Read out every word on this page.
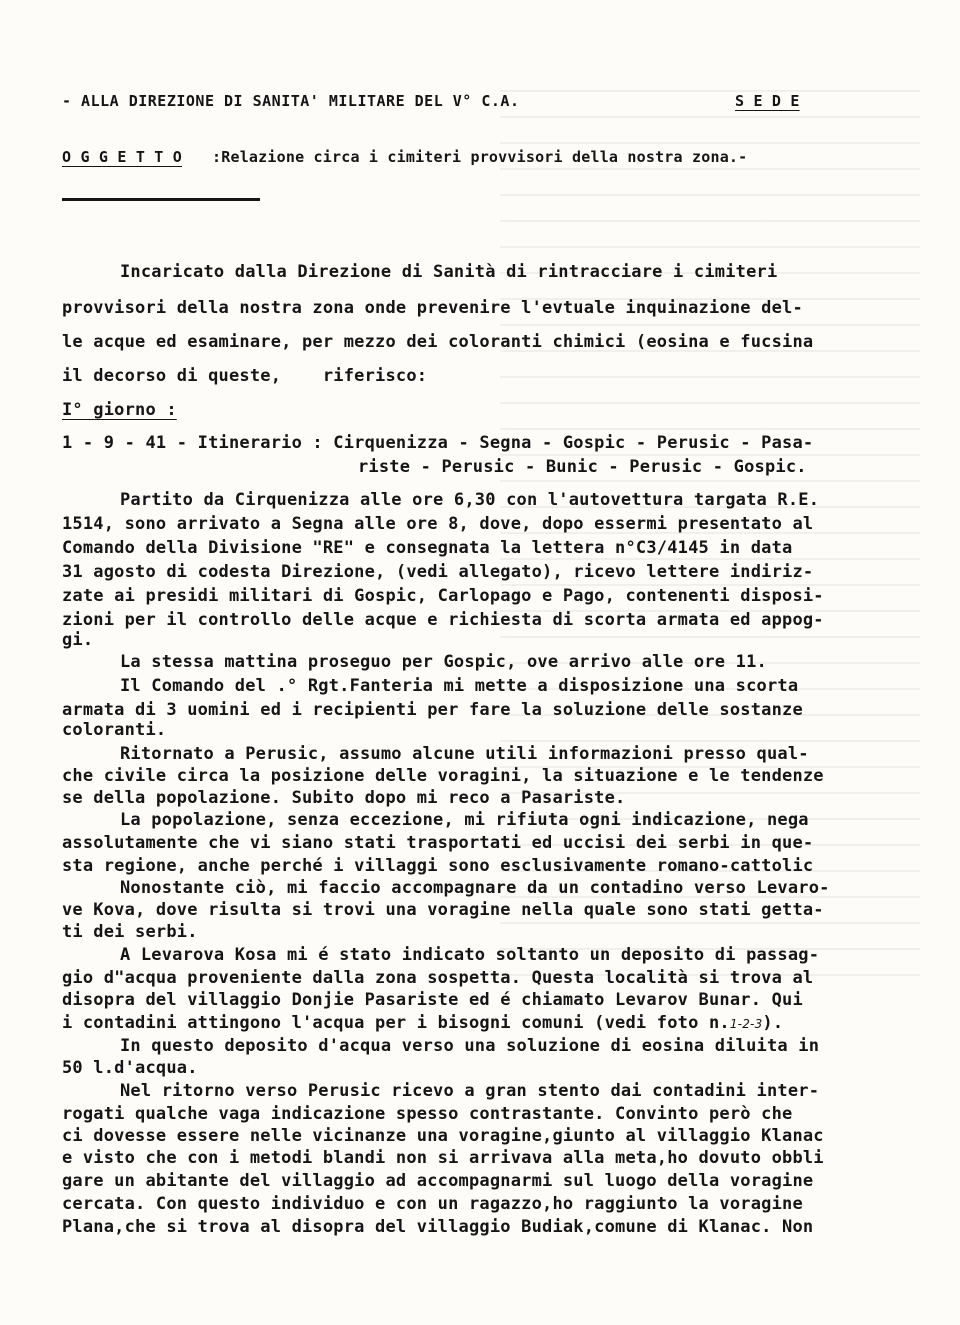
- ALLA DIREZIONE DI SANITA' MILITARE DEL V° C.A.	S E D E
O G G E T T O :Relazione circa i cimiteri provvisori della nostra zona.-
Incaricato dalla Direzione di Sanità di rintracciare i cimiteri
provvisori della nostra zona onde prevenire l'evtuale inquinazione del-
le acque ed esaminare, per mezzo dei coloranti chimici (eosina e fucsina
il decorso di queste,    riferisco:
I° giorno :
1 - 9 - 41 - Itinerario : Cirquenizza - Segna - Gospic - Perusic - Pasa-
riste - Perusic - Bunic - Perusic - Gospic.
Partito da Cirquenizza alle ore 6,30 con l'autovettura targata R.E.
1514, sono arrivato a Segna alle ore 8, dove, dopo essermi presentato al
Comando della Divisione "RE" e consegnata la lettera n°C3/4145 in data
31 agosto di codesta Direzione, (vedi allegato), ricevo lettere indiriz-
zate ai presidi militari di Gospic, Carlopago e Pago, contenenti disposi-
zioni per il controllo delle acque e richiesta di scorta armata ed appog-
gi.
La stessa mattina proseguo per Gospic, ove arrivo alle ore 11.
Il Comando del .° Rgt.Fanteria mi mette a disposizione una scorta
armata di 3 uomini ed i recipienti per fare la soluzione delle sostanze
coloranti.
Ritornato a Perusic, assumo alcune utili informazioni presso qual-
che civile circa la posizione delle voragini, la situazione e le tendenze
se della popolazione. Subito dopo mi reco a Pasariste.
La popolazione, senza eccezione, mi rifiuta ogni indicazione, nega
assolutamente che vi siano stati trasportati ed uccisi dei serbi in que-
sta regione, anche perché i villaggi sono esclusivamente romano-cattolic
Nonostante ciò, mi faccio accompagnare da un contadino verso Levaro-
ve Kova, dove risulta si trovi una voragine nella quale sono stati getta-
ti dei serbi.
A Levarova Kosa mi é stato indicato soltanto un deposito di passag-
gio d"acqua proveniente dalla zona sospetta. Questa località si trova al
disopra del villaggio Donjie Pasariste ed é chiamato Levarov Bunar. Qui
i contadini attingono l'acqua per i bisogni comuni (vedi foto n.1-2-3).
In questo deposito d'acqua verso una soluzione di eosina diluita in
50 l.d'acqua.
Nel ritorno verso Perusic ricevo a gran stento dai contadini inter-
rogati qualche vaga indicazione spesso contrastante. Convinto però che
ci dovesse essere nelle vicinanze una voragine,giunto al villaggio Klanac
e visto che con i metodi blandi non si arrivava alla meta,ho dovuto obbli
gare un abitante del villaggio ad accompagnarmi sul luogo della voragine
cercata. Con questo individuo e con un ragazzo,ho raggiunto la voragine
Plana,che si trova al disopra del villaggio Budiak,comune di Klanac. Non
